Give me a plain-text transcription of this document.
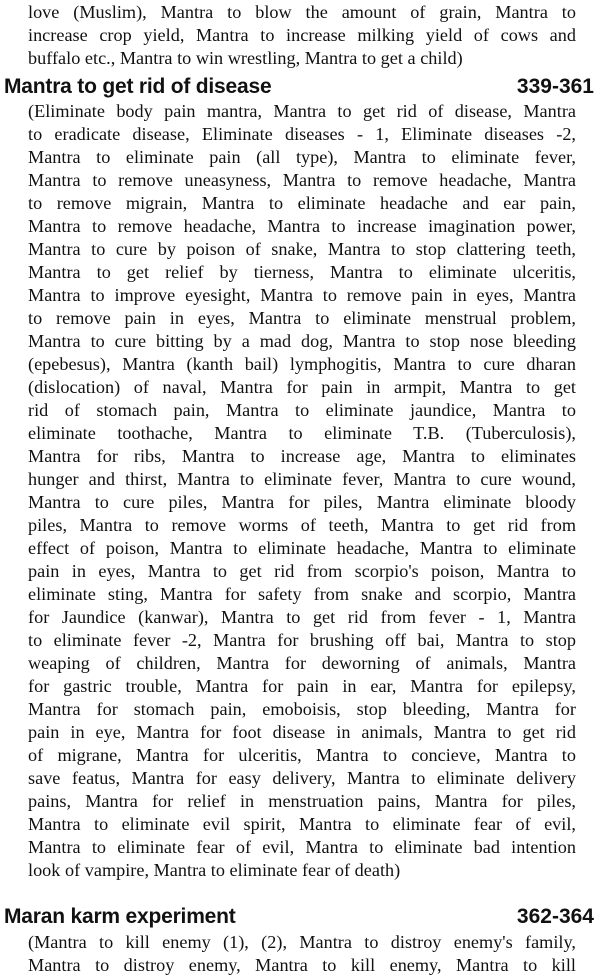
love (Muslim), Mantra to blow the amount of grain, Mantra to
increase crop yield, Mantra to increase milking yield of cows and
buffalo etc., Mantra to win wrestling, Mantra to get a child)
Mantra to get rid of disease	339-361
(Eliminate body pain mantra, Mantra to get rid of disease, Mantra
to eradicate disease, Eliminate diseases - 1, Eliminate diseases -2,
Mantra to eliminate pain (all type), Mantra to eliminate fever,
Mantra to remove uneasyness, Mantra to remove headache, Mantra
to remove migrain, Mantra to eliminate headache and ear pain,
Mantra to remove headache, Mantra to increase imagination power,
Mantra to cure by poison of snake, Mantra to stop clattering teeth,
Mantra to get relief by tierness, Mantra to eliminate ulceritis,
Mantra to improve eyesight, Mantra to remove pain in eyes, Mantra
to remove pain in eyes, Mantra to eliminate menstrual problem,
Mantra to cure bitting by a mad dog, Mantra to stop nose bleeding
(epebesus), Mantra (kanth bail) lymphogitis, Mantra to cure dharan
(dislocation) of naval, Mantra for pain in armpit, Mantra to get
rid of stomach pain, Mantra to eliminate jaundice, Mantra to
eliminate toothache, Mantra to eliminate T.B. (Tuberculosis),
Mantra for ribs, Mantra to increase age, Mantra to eliminates
hunger and thirst, Mantra to eliminate fever, Mantra to cure wound,
Mantra to cure piles, Mantra for piles, Mantra eliminate bloody
piles, Mantra to remove worms of teeth, Mantra to get rid from
effect of poison, Mantra to eliminate headache, Mantra to eliminate
pain in eyes, Mantra to get rid from scorpio's poison, Mantra to
eliminate sting, Mantra for safety from snake and scorpio, Mantra
for Jaundice (kanwar), Mantra to get rid from fever - 1, Mantra
to eliminate fever -2, Mantra for brushing off bai, Mantra to stop
weaping of children, Mantra for deworning of animals, Mantra
for gastric trouble, Mantra for pain in ear, Mantra for epilepsy,
Mantra for stomach pain, emoboisis, stop bleeding, Mantra for
pain in eye, Mantra for foot disease in animals, Mantra to get rid
of migrane, Mantra for ulceritis, Mantra to concieve, Mantra to
save featus, Mantra for easy delivery, Mantra to eliminate delivery
pains, Mantra for relief in menstruation pains, Mantra for piles,
Mantra to eliminate evil spirit, Mantra to eliminate fear of evil,
Mantra to eliminate fear of evil, Mantra to eliminate bad intention
look of vampire, Mantra to eliminate fear of death)
Maran karm experiment	362-364
(Mantra to kill enemy (1), (2), Mantra to distroy enemy's family,
Mantra to distroy enemy, Mantra to kill enemy, Mantra to kill
